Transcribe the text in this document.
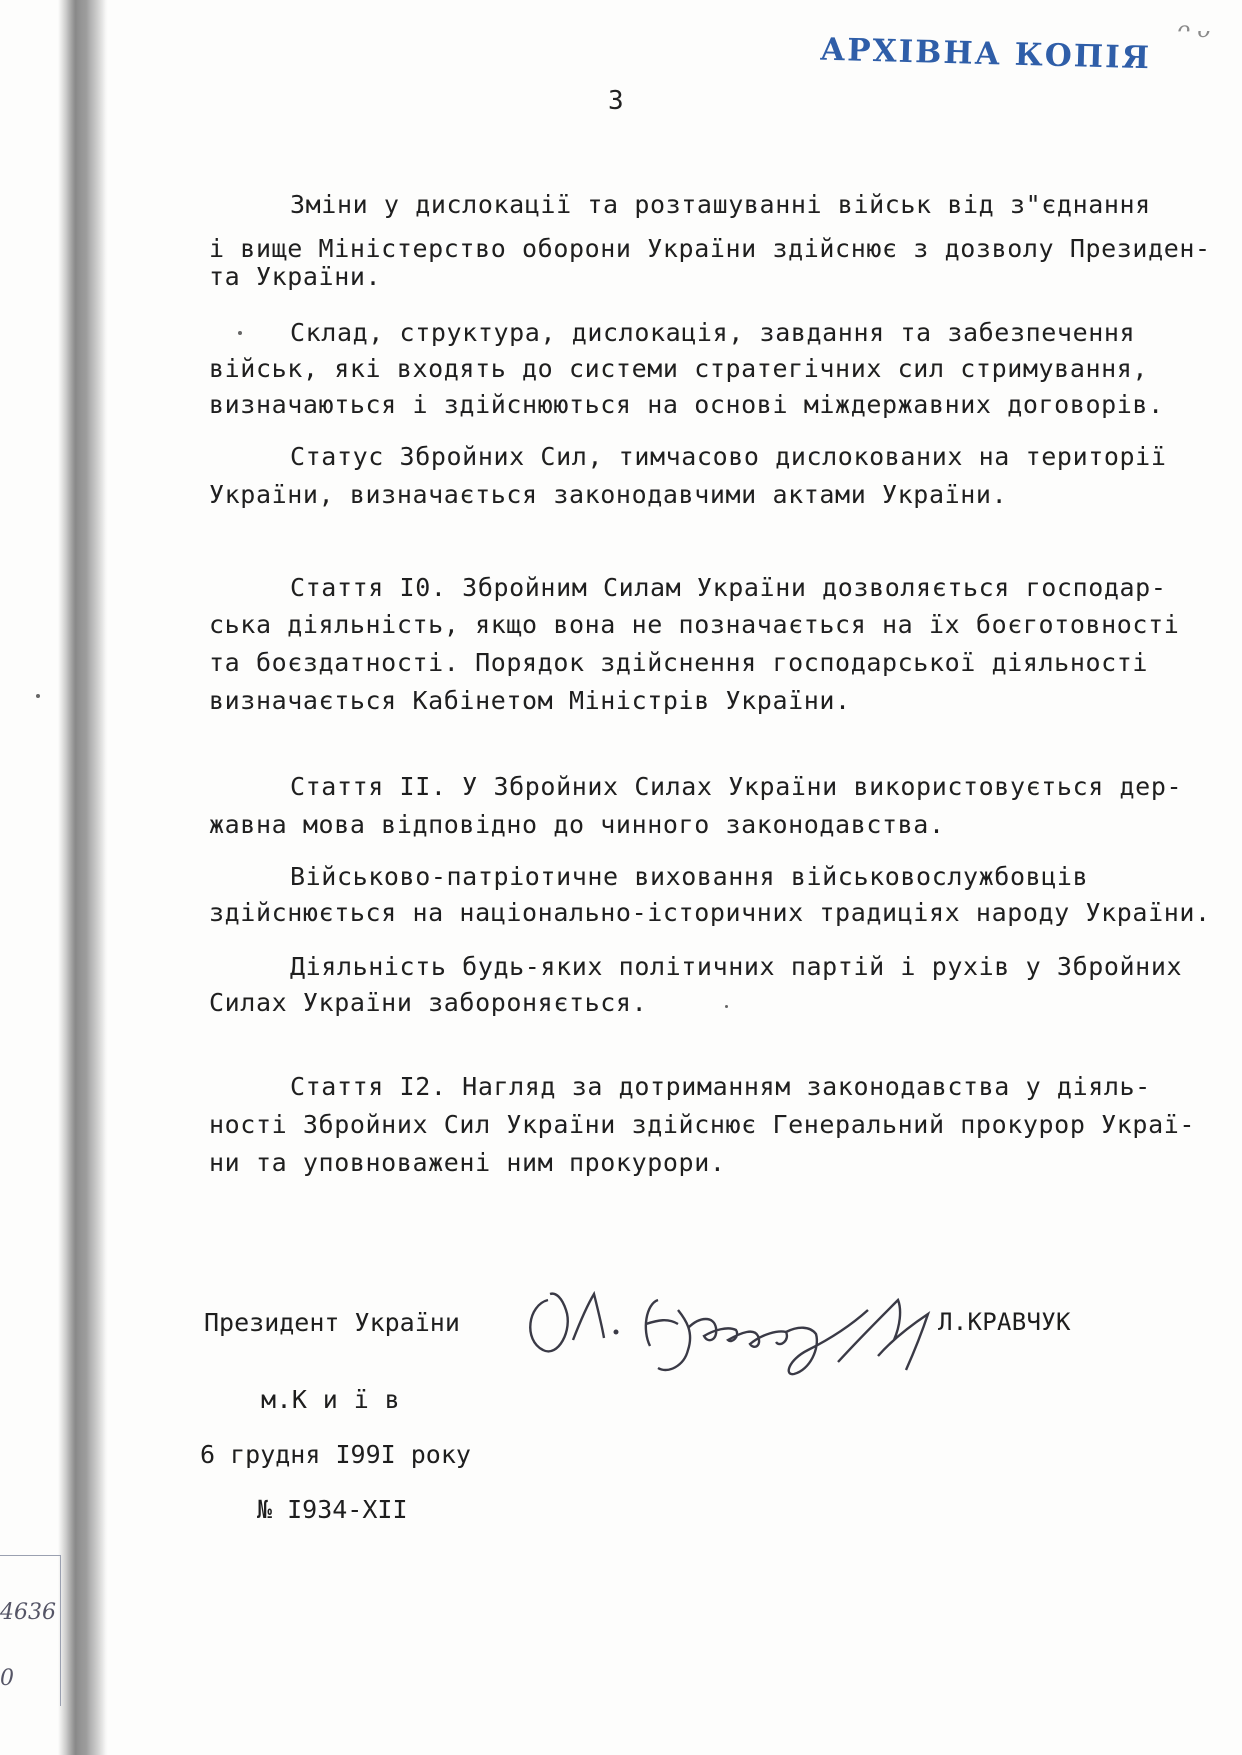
ᴖ ᴗ
АРХІВНА КОПІЯ
3
Зміни у дислокації та розташуванні військ від з"єднання
і вище Міністерство оборони України здійснює з дозволу Президен-
та України.
Склад, структура, дислокація, завдання та забезпечення
військ, які входять до системи стратегічних сил стримування,
визначаються і здійснюються на основі міждержавних договорів.
Статус Збройних Сил, тимчасово дислокованих на території
України, визначається законодавчими актами України.
Стаття I0. Збройним Силам України дозволяється господар-
ська діяльність, якщо вона не позначається на їх боєготовності
та боєздатності. Порядок здійснення господарської діяльності
визначається Кабінетом Міністрів України.
Стаття II. У Збройних Силах України використовується дер-
жавна мова відповідно до чинного законодавства.
Військово-патріотичне виховання військовослужбовців
здійснюється на національно-історичних традиціях народу України.
Діяльність будь-яких політичних партій і рухів у Збройних
Силах України забороняється.
Стаття I2. Нагляд за дотриманням законодавства у діяль-
ності Збройних Сил України здійснює Генеральний прокурор Украї-
ни та уповноважені ним прокурори.
Президент України	Л.КРАВЧУК
м.К и ї в
6 грудня I99I року
№ I934-ХІІ
4636
0
